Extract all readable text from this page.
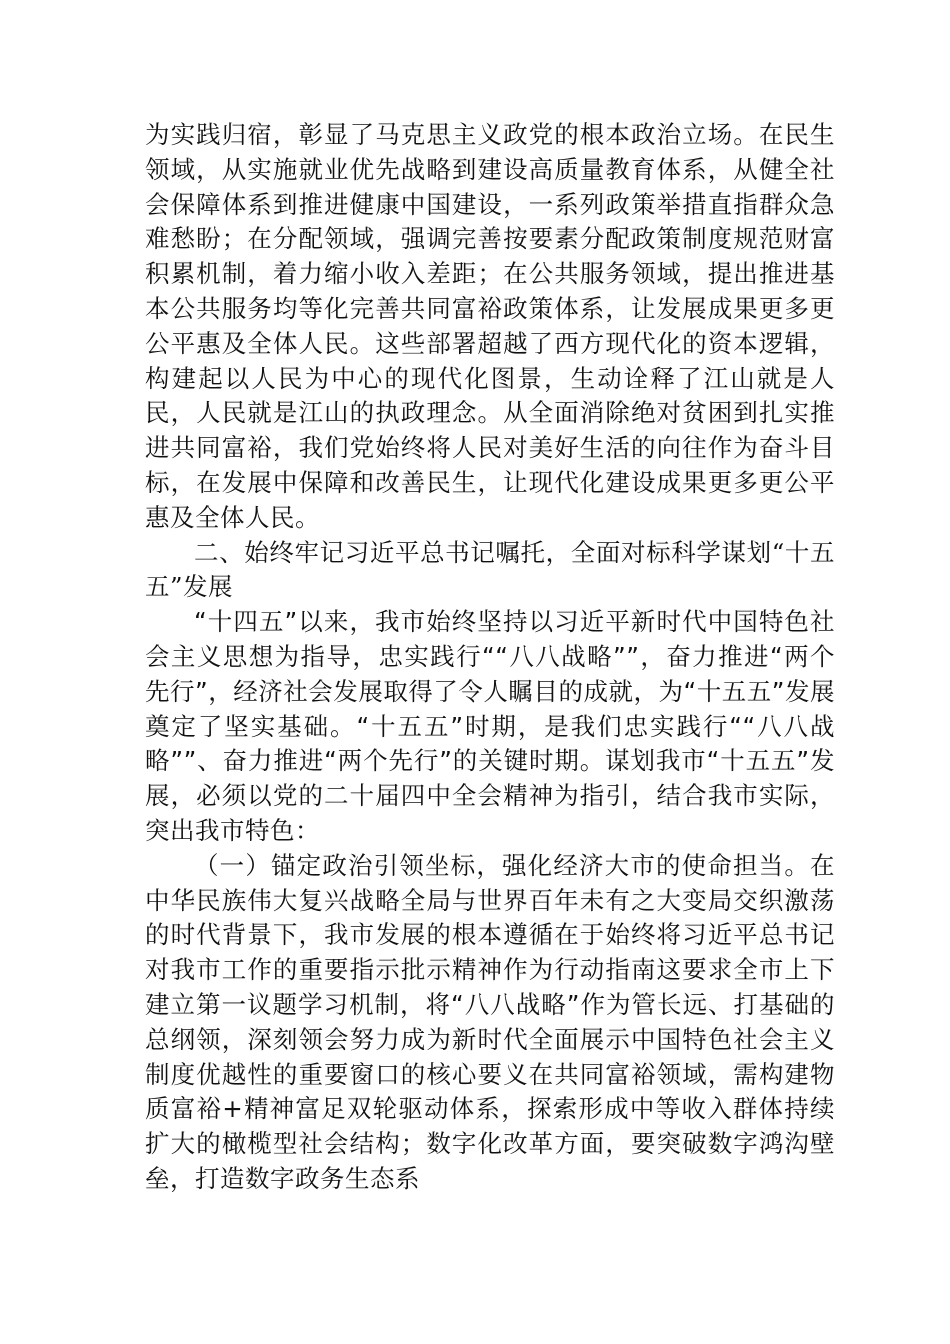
为实践归宿，彰显了马克思主义政党的根本政治立场。在民生领域，从实施就业优先战略到建设高质量教育体系，从健全社会保障体系到推进健康中国建设，一系列政策举措直指群众急难愁盼；在分配领域，强调完善按要素分配政策制度规范财富积累机制，着力缩小收入差距；在公共服务领域，提出推进基本公共服务均等化完善共同富裕政策体系，让发展成果更多更公平惠及全体人民。这些部署超越了西方现代化的资本逻辑，构建起以人民为中心的现代化图景，生动诠释了江山就是人民，人民就是江山的执政理念。从全面消除绝对贫困到扎实推进共同富裕，我们党始终将人民对美好生活的向往作为奋斗目标，在发展中保障和改善民生，让现代化建设成果更多更公平惠及全体人民。

二、始终牢记习近平总书记嘱托，全面对标科学谋划“十五五”发展

“十四五”以来，我市始终坚持以习近平新时代中国特色社会主义思想为指导，忠实践行““八八战略””，奋力推进“两个先行”，经济社会发展取得了令人瞩目的成就，为“十五五”发展奠定了坚实基础。“十五五”时期，是我们忠实践行““八八战略””、奋力推进“两个先行”的关键时期。谋划我市“十五五”发展，必须以党的二十届四中全会精神为指引，结合我市实际，突出我市特色：

（一）锚定政治引领坐标，强化经济大市的使命担当。在中华民族伟大复兴战略全局与世界百年未有之大变局交织激荡的时代背景下，我市发展的根本遵循在于始终将习近平总书记对我市工作的重要指示批示精神作为行动指南这要求全市上下建立第一议题学习机制，将“八八战略”作为管长远、打基础的总纲领，深刻领会努力成为新时代全面展示中国特色社会主义制度优越性的重要窗口的核心要义在共同富裕领域，需构建物质富裕+精神富足双轮驱动体系，探索形成中等收入群体持续扩大的橄榄型社会结构；数字化改革方面，要突破数字鸿沟壁垒，打造数字政务生态系
